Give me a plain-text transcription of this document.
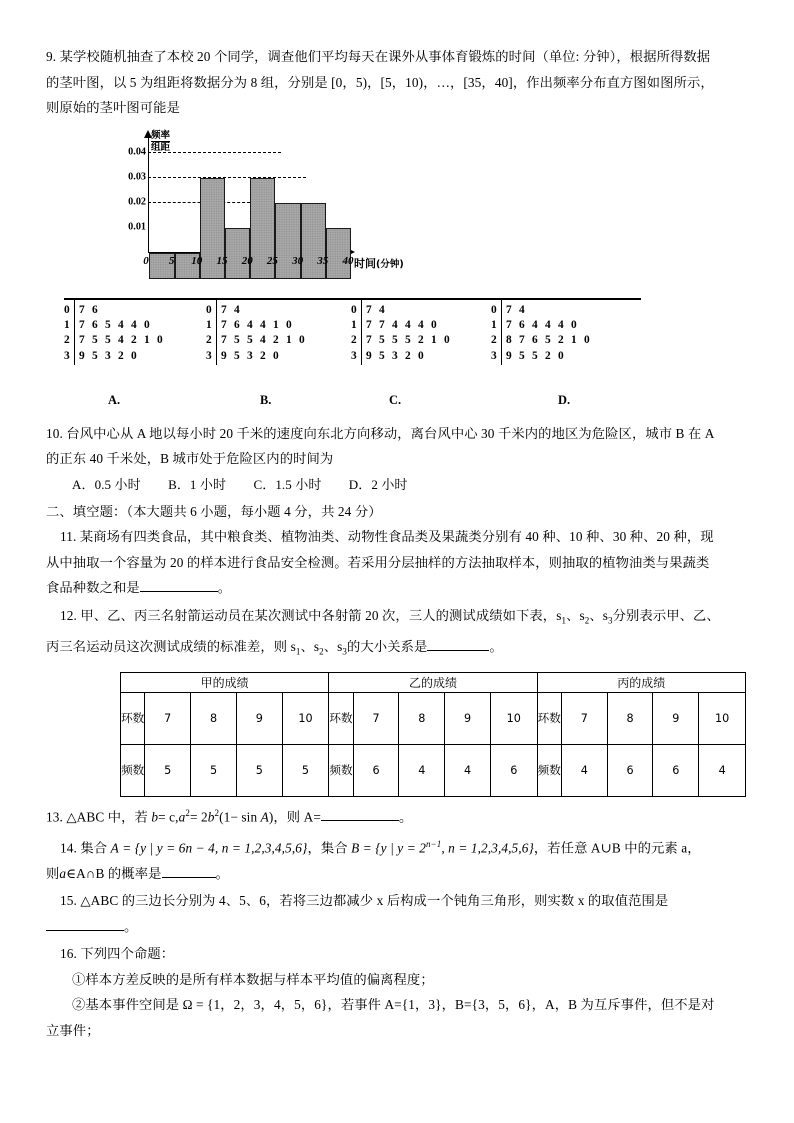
9. 某学校随机抽查了本校 20 个同学，调查他们平均每天在课外从事体育锻炼的时间（单位: 分钟），根据所得数据
的茎叶图，以 5 为组距将数据分为 8 组，分别是 [0，5)，[5，10)，…，[35，40]，作出频率分布直方图如图所示，
则原始的茎叶图可能是
频率
组距
0.01
0.02
0.03
0.04
0 5 10 15 20 25 30 35 40 时间(分钟)
0 7 6
1 7 6 5 4 4 0
2 7 5 5 4 2 1 0
3 9 5 3 2 0
0 7 4
1 7 6 4 4 1 0
2 7 5 5 4 2 1 0
3 9 5 3 2 0
0 7 4
1 7 7 4 4 4 0
2 7 5 5 5 2 1 0
3 9 5 3 2 0
0 7 4
1 7 6 4 4 4 0
2 8 7 6 5 2 1 0
3 9 5 5 2 0
A.	B.	C.	D.
10. 台风中心从 A 地以每小时 20 千米的速度向东北方向移动，离台风中心 30 千米内的地区为危险区，城市 B 在 A
的正东 40 千米处，B 城市处于危险区内的时间为
A．0.5 小时 B．1 小时 C．1.5 小时 D．2 小时
二、填空题：（本大题共 6 小题，每小题 4 分，共 24 分）
11. 某商场有四类食品，其中粮食类、植物油类、动物性食品类及果蔬类分别有 40 种、10 种、30 种、20 种，现
从中抽取一个容量为 20 的样本进行食品安全检测。若采用分层抽样的方法抽取样本，则抽取的植物油类与果蔬类
食品种数之和是	。
12. 甲、乙、丙三名射箭运动员在某次测试中各射箭 20 次，三人的测试成绩如下表，$s_1$、$s_2$、$s_3$分别表示甲、乙、
丙三名运动员这次测试成绩的标准差，则 $s_1$、$s_2$、$s_3$的大小关系是	。
甲的成绩					乙的成绩					丙的成绩				
环数	7	8	9	10	环数	7	8	9	10	环数	7	8	9	10
频数	5	5	5	5	频数	6	4	4	6	频数	4	6	6	4
13. △ABC 中，若 $b= c,a^2= 2b^2(1- \sin A)$，则 A=	。
14. 集合 A = {y | y = 6n − 4, n = 1,2,3,4,5,6}，集合 B = {y | $y = 2^{n-1}$, n = 1,2,3,4,5,6}，若任意 A∪B 中的元素 a，
则a∈A∩B 的概率是	。
15. △ABC 的三边长分别为 4、5、6，若将三边都减少 x 后构成一个钝角三角形，则实数 x 的取值范围是
。
16. 下列四个命题：
①样本方差反映的是所有样本数据与样本平均值的偏离程度；
②基本事件空间是 Ω = {1，2，3，4，5，6}，若事件 A={1，3}，B={3，5，6}，A，B 为互斥事件，但不是对
立事件；
